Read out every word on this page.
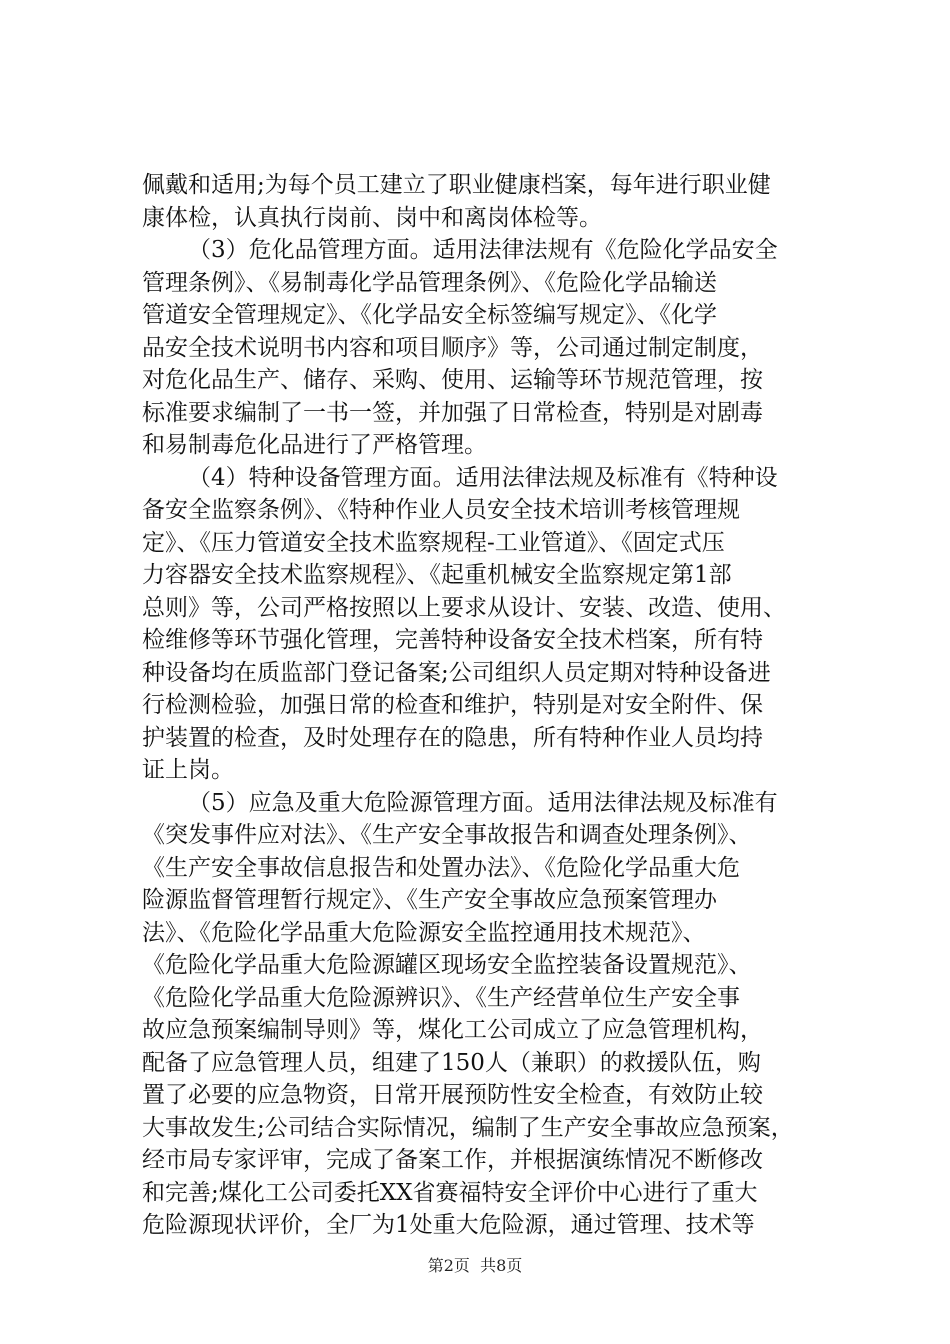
佩戴和适用;为每个员工建立了职业健康档案，每年进行职业健
康体检，认真执行岗前、岗中和离岗体检等。
（3）危化品管理方面。适用法律法规有《危险化学品安全
管理条例》、《易制毒化学品管理条例》、《危险化学品输送
管道安全管理规定》、《化学品安全标签编写规定》、《化学
品安全技术说明书内容和项目顺序》等，公司通过制定制度，
对危化品生产、储存、采购、使用、运输等环节规范管理，按
标准要求编制了一书一签，并加强了日常检查，特别是对剧毒
和易制毒危化品进行了严格管理。
（4）特种设备管理方面。适用法律法规及标准有《特种设
备安全监察条例》、《特种作业人员安全技术培训考核管理规
定》、《压力管道安全技术监察规程-工业管道》、《固定式压
力容器安全技术监察规程》、《起重机械安全监察规定第1部
总则》等，公司严格按照以上要求从设计、安装、改造、使用、
检维修等环节强化管理，完善特种设备安全技术档案，所有特
种设备均在质监部门登记备案;公司组织人员定期对特种设备进
行检测检验，加强日常的检查和维护，特别是对安全附件、保
护装置的检查，及时处理存在的隐患，所有特种作业人员均持
证上岗。
（5）应急及重大危险源管理方面。适用法律法规及标准有
《突发事件应对法》、《生产安全事故报告和调查处理条例》、
《生产安全事故信息报告和处置办法》、《危险化学品重大危
险源监督管理暂行规定》、《生产安全事故应急预案管理办
法》、《危险化学品重大危险源安全监控通用技术规范》、
《危险化学品重大危险源罐区现场安全监控装备设置规范》、
《危险化学品重大危险源辨识》、《生产经营单位生产安全事
故应急预案编制导则》等，煤化工公司成立了应急管理机构，
配备了应急管理人员，组建了150人（兼职）的救援队伍，购
置了必要的应急物资，日常开展预防性安全检查，有效防止较
大事故发生;公司结合实际情况，编制了生产安全事故应急预案，
经市局专家评审，完成了备案工作，并根据演练情况不断修改
和完善;煤化工公司委托XX省赛福特安全评价中心进行了重大
危险源现状评价，全厂为1处重大危险源，通过管理、技术等
第2页  共8页
